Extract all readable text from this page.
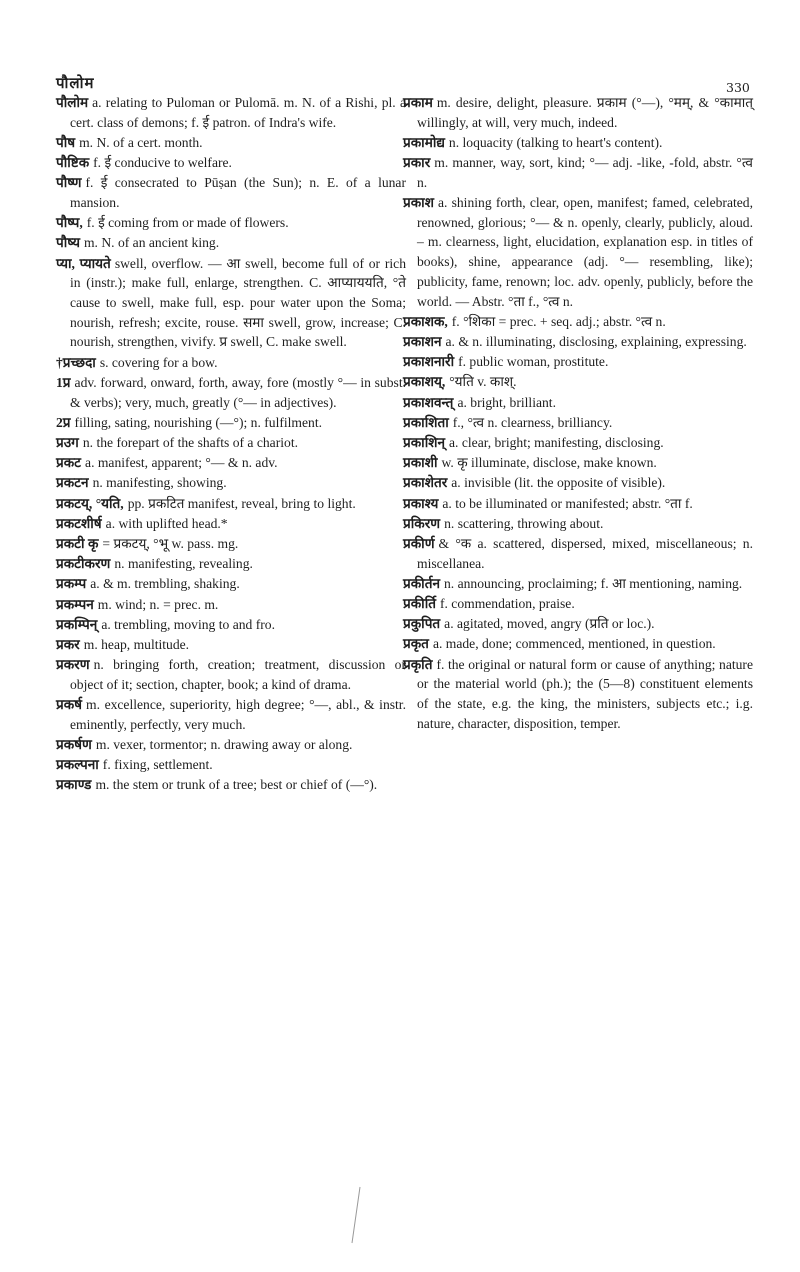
पौलोम	330

पौलोम a. relating to Puloman or Pulomā. m. N. of a Rishi, pl. a cert. class of demons; f. ई patron. of Indra's wife.

पौष m. N. of a cert. month.

पौष्टिक f. ई conducive to welfare.

पौष्ण f. ई consecrated to Pūṣan (the Sun); n. E. of a lunar mansion.

पौष्प, f. ई coming from or made of flowers.

पौष्य m. N. of an ancient king.

प्या, प्यायते swell, overflow. — आ swell, become full of or rich in (instr.); make full, enlarge, strengthen. C. आप्याययति, °ते cause to swell, make full, esp. pour water upon the Soma; nourish, refresh; excite, rouse. समा swell, grow, increase; C. nourish, strengthen, vivify. प्र swell, C. make swell.

†प्रच्छदा s. covering for a bow.

1प्र adv. forward, onward, forth, away, fore (mostly °— in subst. & verbs); very, much, greatly (°— in adjectives).

2प्र filling, sating, nourishing (—°); n. fulfilment.

प्रउग n. the forepart of the shafts of a chariot.

प्रकट a. manifest, apparent; °— & n. adv.

प्रकटन n. manifesting, showing.

प्रकटय्, °यति, pp. प्रकटित manifest, reveal, bring to light.

प्रकटशीर्ष a. with uplifted head.*

प्रकटी कृ = प्रकटय्, °भू w. pass. mg.

प्रकटीकरण n. manifesting, revealing.

प्रकम्प a. & m. trembling, shaking.

प्रकम्पन m. wind; n. = prec. m.

प्रकम्पिन् a. trembling, moving to and fro.

प्रकर m. heap, multitude.

प्रकरण n. bringing forth, creation; treatment, discussion or object of it; section, chapter, book; a kind of drama.

प्रकर्ष m. excellence, superiority, high degree; °—, abl., & instr. eminently, perfectly, very much.

प्रकर्षण m. vexer, tormentor; n. drawing away or along.

प्रकल्पना f. fixing, settlement.

प्रकाण्ड m. the stem or trunk of a tree; best or chief of (—°).

प्रकाम m. desire, delight, pleasure. प्रकाम (°—), °मम्, & °कामात् willingly, at will, very much, indeed.

प्रकामोद्य n. loquacity (talking to heart's content).

प्रकार m. manner, way, sort, kind; °— adj. -like, -fold, abstr. °त्व n.

प्रकाश a. shining forth, clear, open, manifest; famed, celebrated, renowned, glorious; °— & n. openly, clearly, publicly, aloud. – m. clearness, light, elucidation, explanation esp. in titles of books), shine, appearance (adj. °— resembling, like); publicity, fame, renown; loc. adv. openly, publicly, before the world. — Abstr. °ता f., °त्व n.

प्रकाशक, f. °शिका = prec. + seq. adj.; abstr. °त्व n.

प्रकाशन a. & n. illuminating, disclosing, explaining, expressing.

प्रकाशनारी f. public woman, prostitute.

प्रकाशय्, °यति v. काश्.

प्रकाशवन्त् a. bright, brilliant.

प्रकाशिता f., °त्व n. clearness, brilliancy.

प्रकाशिन् a. clear, bright; manifesting, disclosing.

प्रकाशी w. कृ illuminate, disclose, make known.

प्रकाशेतर a. invisible (lit. the opposite of visible).

प्रकाश्य a. to be illuminated or manifested; abstr. °ता f.

प्रकिरण n. scattering, throwing about.

प्रकीर्ण & °क a. scattered, dispersed, mixed, miscellaneous; n. miscellanea.

प्रकीर्तन n. announcing, proclaiming; f. आ mentioning, naming.

प्रकीर्ति f. commendation, praise.

प्रकुपित a. agitated, moved, angry (प्रति or loc.).

प्रकृत a. made, done; commenced, mentioned, in question.

प्रकृति f. the original or natural form or cause of anything; nature or the material world (ph.); the (5—8) constituent elements of the state, e.g. the king, the ministers, subjects etc.; i.g. nature, character, disposition, temper.
